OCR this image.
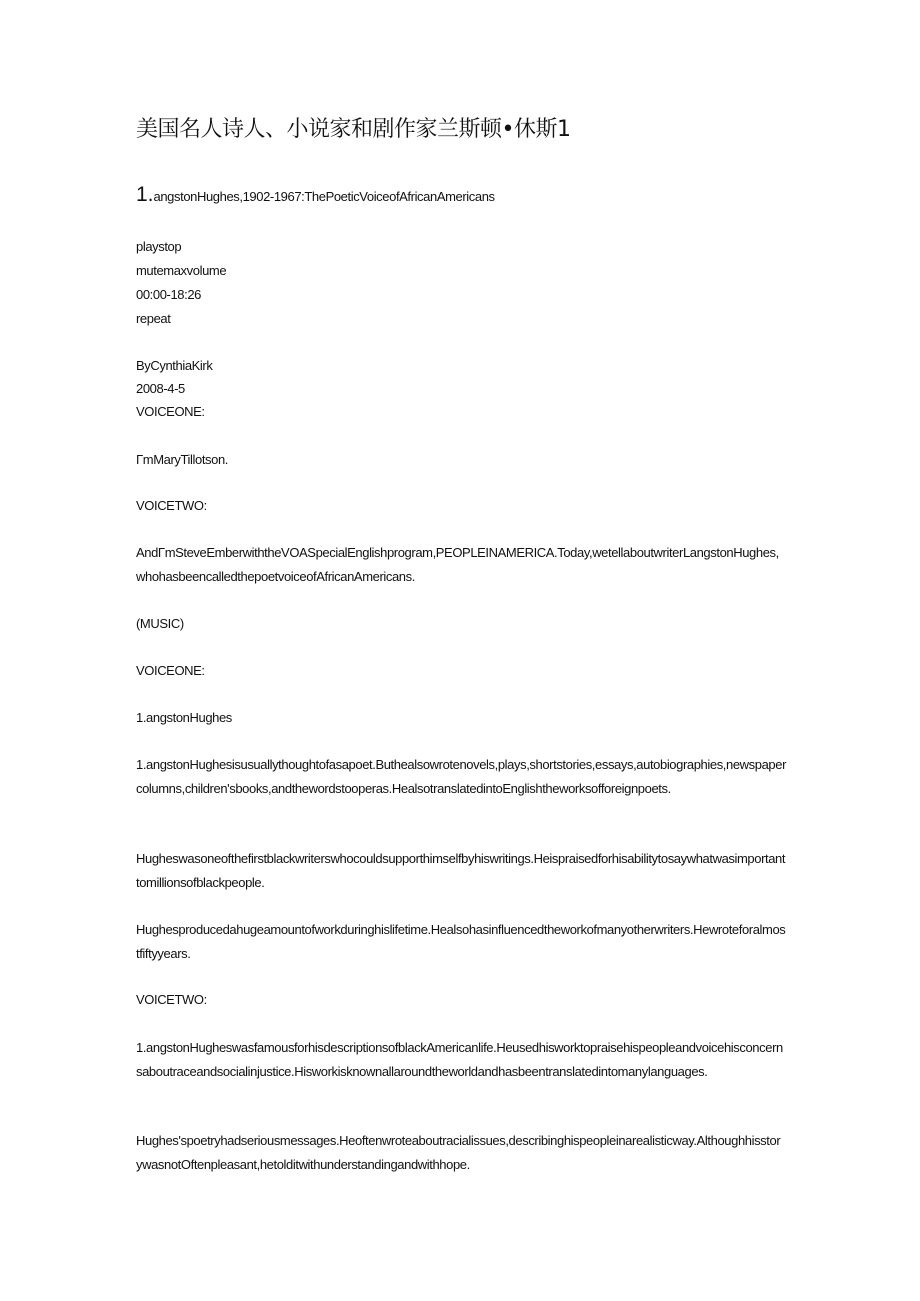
美国名人诗人、小说家和剧作家兰斯顿•休斯1
1.angstonHughes,1902-1967:ThePoeticVoiceofAfricanAmericans
playstop
mutemaxvolume
00:00-18:26
repeat
ByCynthiaKirk
2008-4-5
VOICEONE:
ΓmMaryTillotson.
VOICETWO:
AndΓmSteveEmberwiththeVOASpecialEnglishprogram,PEOPLEINAMERICA.Today,wetellaboutwriterLangstonHughes,whohasbeencalledthepoetvoiceofAfricanAmericans.
(MUSIC)
VOICEONE:
1.angstonHughes
1.angstonHughesisusuallythoughtofasapoet.Buthealsowrotenovels,plays,shortstories,essays,autobiographies,newspapercolumns,children'sbooks,andthewordstooperas.HealsotranslatedintoEnglishtheworksofforeignpoets.
Hugheswasoneofthefirstblackwriterswhocouldsupporthimselfbyhiswritings.Heispraisedforhisabilitytosaywhatwasimportanttomillionsofblackpeople.
Hughesproducedahugeamountofworkduringhislifetime.Healsohasinfluencedtheworkofmanyotherwriters.Hewroteforalmostfiftyyears.
VOICETWO:
1.angstonHugheswasfamousforhisdescriptionsofblackAmericanlife.Heusedhisworktopraisehispeopleandvoicehisconcernsaboutraceandsocialinjustice.Hisworkisknownallaroundtheworldandhasbeentranslatedintomanylanguages.
Hughes'spoetryhadseriousmessages.Heoftenwroteaboutracialissues,describinghispeopleinarealisticway.AlthoughhisstorywasnotOftenpleasant,hetolditwithunderstandingandwithhope.
